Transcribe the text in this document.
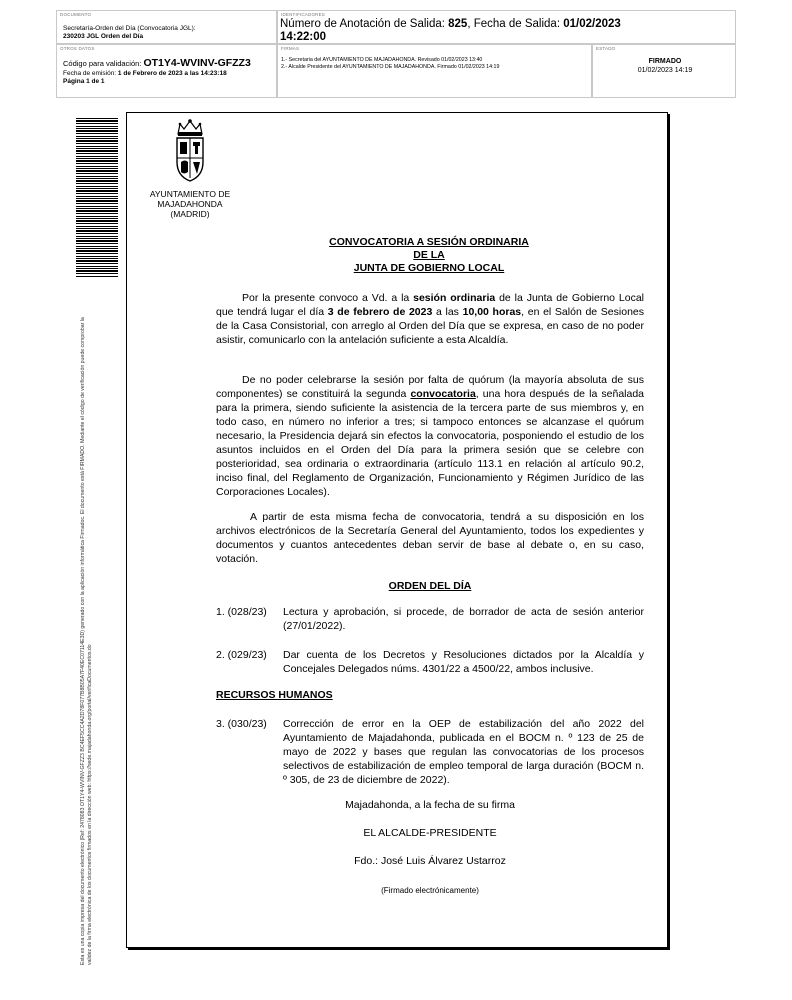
DOCUMENTO
Secretaría-Orden del Día (Convocatoria JGL):
230203 JGL Orden del Día
IDENTIFICADORES
Número de Anotación de Salida: 825, Fecha de Salida: 01/02/2023
14:22:00
OTROS DATOS
Código para validación: OT1Y4-WVINV-GFZZ3
Fecha de emisión: 1 de Febrero de 2023 a las 14:23:18
Página 1 de 1
FIRMAS
1.- Secretaria del AYUNTAMIENTO DE MAJADAHONDA. Revisado 01/02/2023 13:40
2.- Alcalde Presidente del AYUNTAMIENTO DE MAJADAHONDA. Firmado 01/02/2023 14:19
ESTADO
FIRMADO
01/02/2023 14:19
Esta es una copia impresa del documento electrónico (Ref: 2478083 OT1Y4-WVINV-GFZZ3 BC4EF5CC4A2D78F077B8B05A7F40EC07114E3D) generado con la aplicación informática Firmadoc. El documento está FIRMADO. Mediante el código de verificación puede comprobar la validez de la firma electrónica de los documentos firmados en la dirección web: https://sede.majadahonda.org/portal/verificaDocumentos.do
AYUNTAMIENTO DE
MAJADAHONDA
(MADRID)
CONVOCATORIA A SESIÓN ORDINARIA
DE LA
JUNTA DE GOBIERNO LOCAL
Por la presente convoco a Vd. a la sesión ordinaria de la Junta de Gobierno Local que tendrá lugar el día 3 de febrero de 2023 a las 10,00 horas, en el Salón de Sesiones de la Casa Consistorial, con arreglo al Orden del Día que se expresa, en caso de no poder asistir, comunicarlo con la antelación suficiente a esta Alcaldía.
De no poder celebrarse la sesión por falta de quórum (la mayoría absoluta de sus componentes) se constituirá la segunda convocatoria, una hora después de la señalada para la primera, siendo suficiente la asistencia de la tercera parte de sus miembros y, en todo caso, en número no inferior a tres; si tampoco entonces se alcanzase el quórum necesario, la Presidencia dejará sin efectos la convocatoria, posponiendo el estudio de los asuntos incluidos en el Orden del Día para la primera sesión que se celebre con posterioridad, sea ordinaria o extraordinaria (artículo 113.1 en relación al artículo 90.2, inciso final, del Reglamento de Organización, Funcionamiento y Régimen Jurídico de las Corporaciones Locales).
A partir de esta misma fecha de convocatoria, tendrá a su disposición en los archivos electrónicos de la Secretaría General del Ayuntamiento, todos los expedientes y documentos y cuantos antecedentes deban servir de base al debate o, en su caso, votación.
ORDEN DEL DÍA
1. (028/23) Lectura y aprobación, si procede, de borrador de acta de sesión anterior (27/01/2022).
2. (029/23) Dar cuenta de los Decretos y Resoluciones dictados por la Alcaldía y Concejales Delegados núms. 4301/22 a 4500/22, ambos inclusive.
RECURSOS HUMANOS
3. (030/23) Corrección de error en la OEP de estabilización del año 2022 del Ayuntamiento de Majadahonda, publicada en el BOCM n. º 123 de 25 de mayo de 2022 y bases que regulan las convocatorias de los procesos selectivos de estabilización de empleo temporal de larga duración (BOCM n. º 305, de 23 de diciembre de 2022).
Majadahonda, a la fecha de su firma
EL ALCALDE-PRESIDENTE
Fdo.: José Luis Álvarez Ustarroz
(Firmado electrónicamente)
